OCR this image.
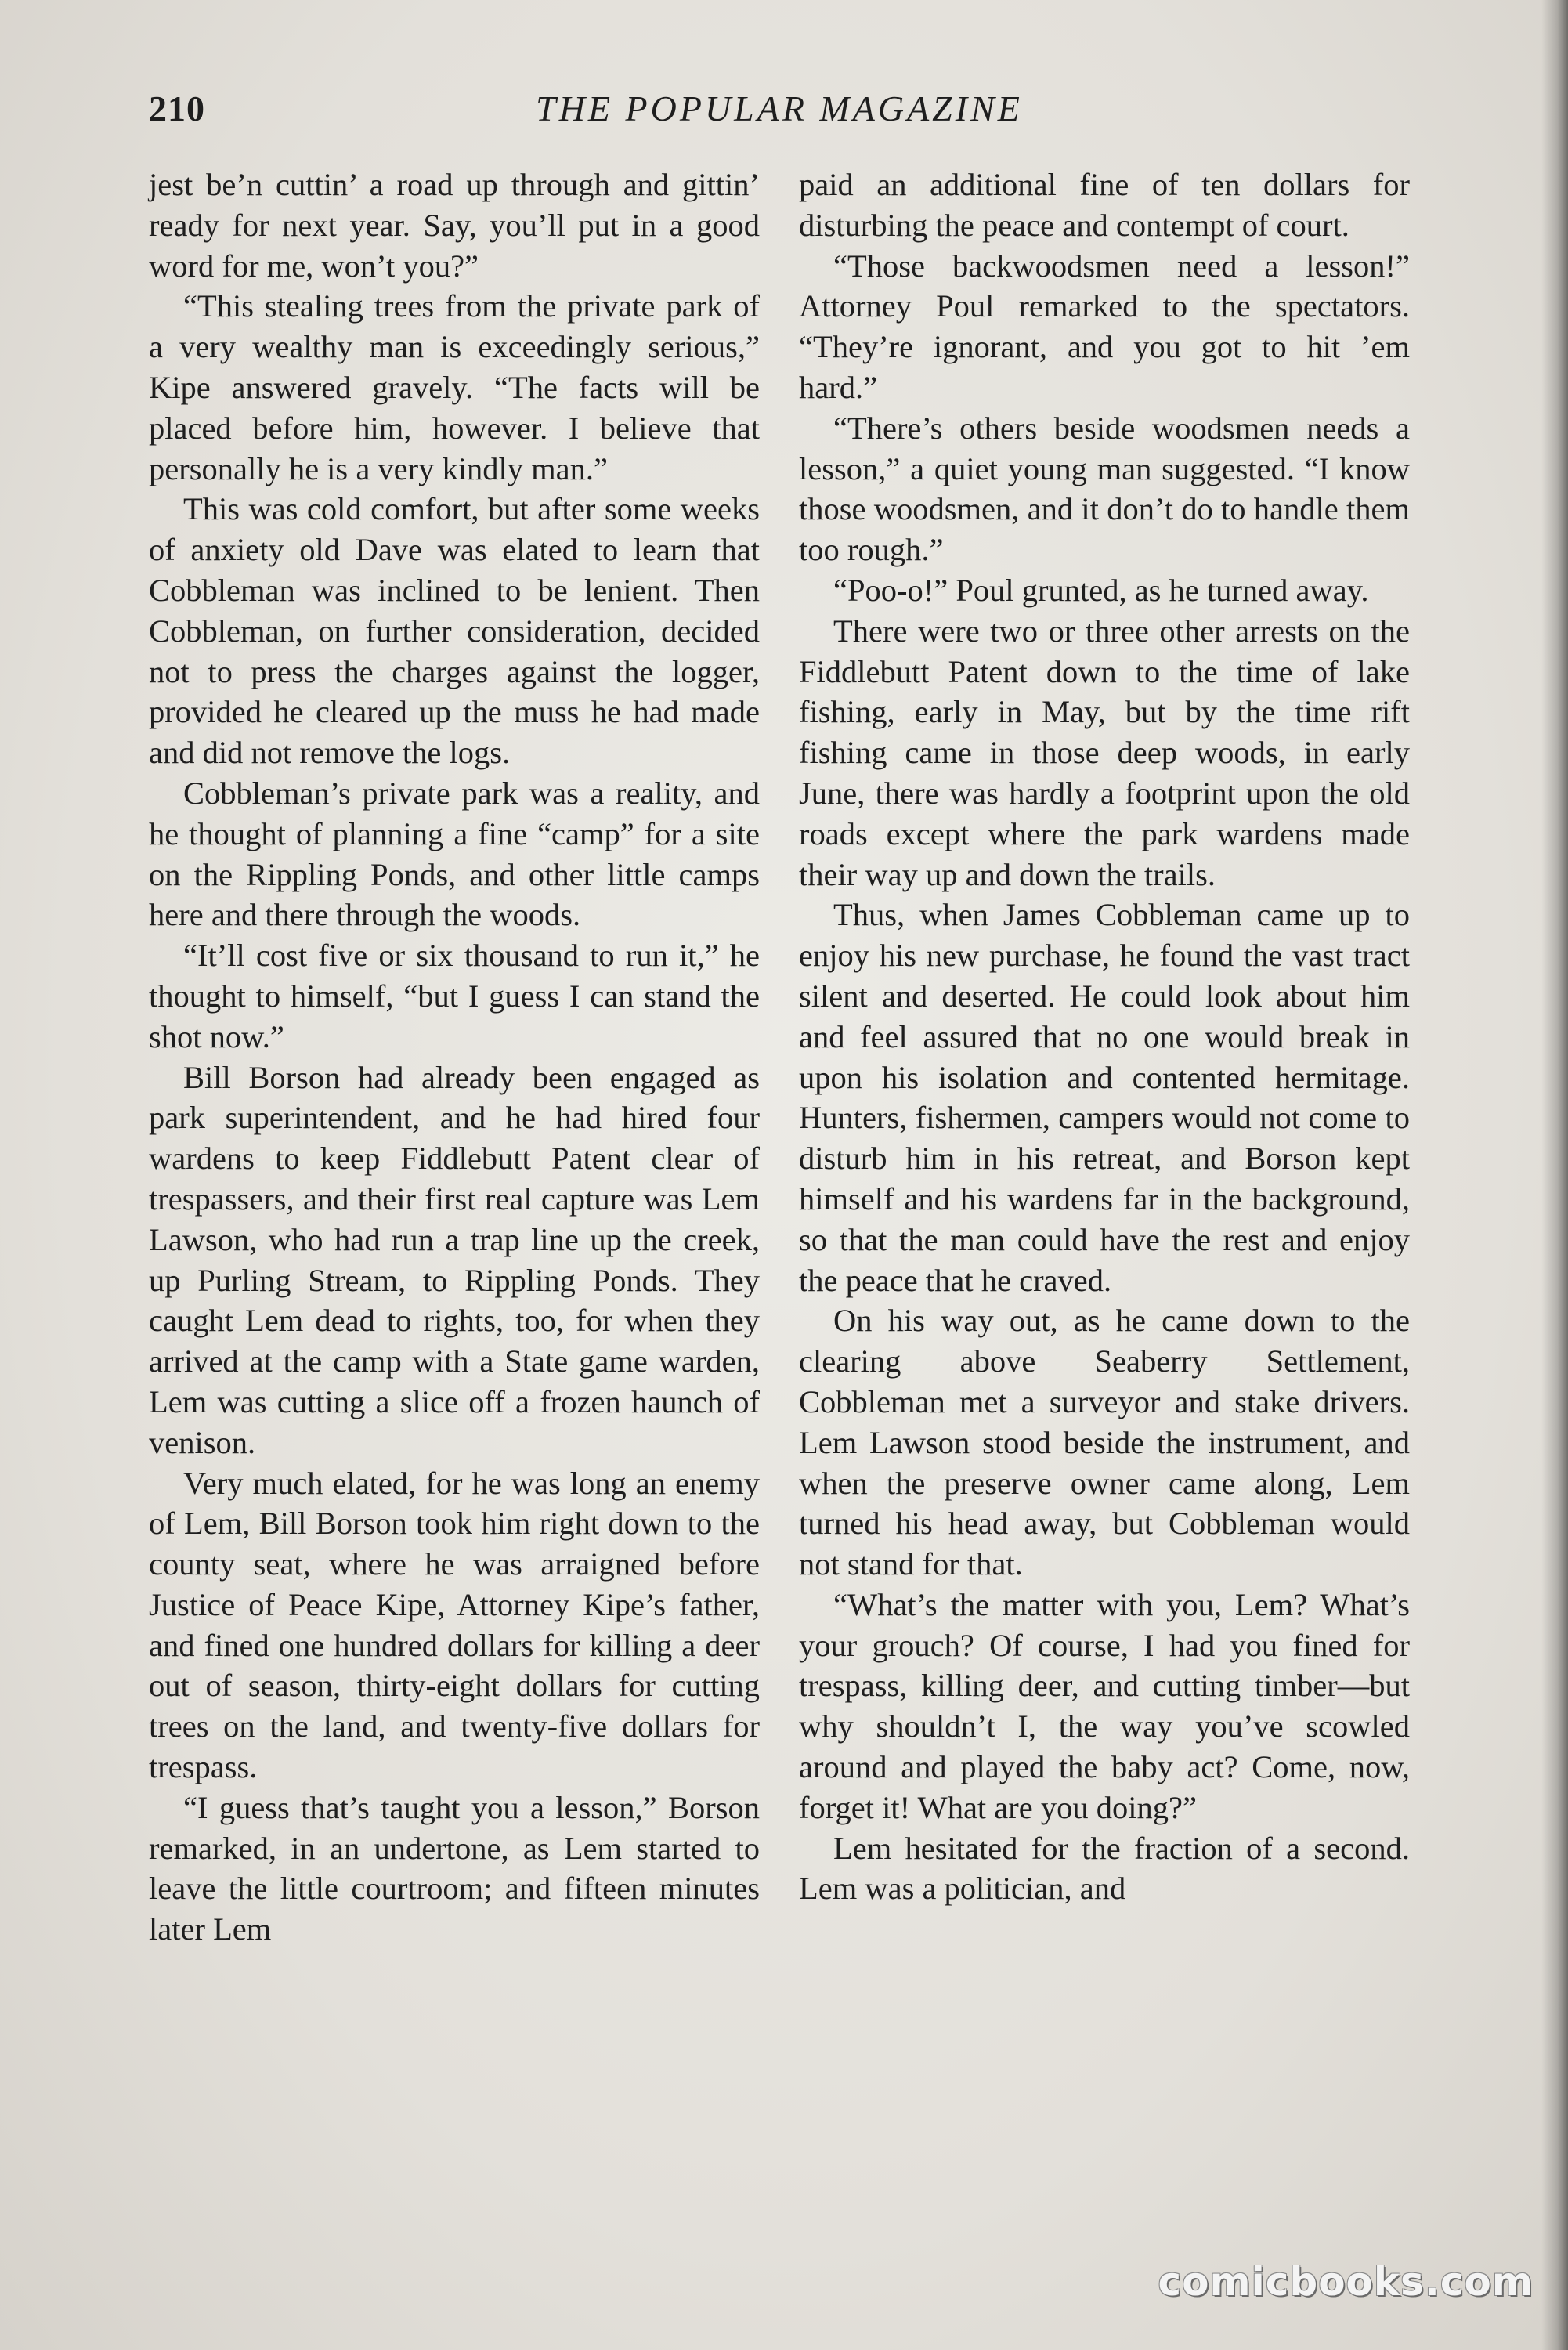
210	THE POPULAR MAGAZINE

jest be’n cuttin’ a road up through and gittin’ ready for next year. Say, you’ll put in a good word for me, won’t you?”

“This stealing trees from the private park of a very wealthy man is exceedingly serious,” Kipe answered gravely. “The facts will be placed before him, however. I believe that personally he is a very kindly man.”

This was cold comfort, but after some weeks of anxiety old Dave was elated to learn that Cobbleman was inclined to be lenient. Then Cobbleman, on further consideration, decided not to press the charges against the logger, provided he cleared up the muss he had made and did not remove the logs.

Cobbleman’s private park was a reality, and he thought of planning a fine “camp” for a site on the Rippling Ponds, and other little camps here and there through the woods.

“It’ll cost five or six thousand to run it,” he thought to himself, “but I guess I can stand the shot now.”

Bill Borson had already been engaged as park superintendent, and he had hired four wardens to keep Fiddlebutt Patent clear of trespassers, and their first real capture was Lem Lawson, who had run a trap line up the creek, up Purling Stream, to Rippling Ponds. They caught Lem dead to rights, too, for when they arrived at the camp with a State game warden, Lem was cutting a slice off a frozen haunch of venison.

Very much elated, for he was long an enemy of Lem, Bill Borson took him right down to the county seat, where he was arraigned before Justice of Peace Kipe, Attorney Kipe’s father, and fined one hundred dollars for killing a deer out of season, thirty-eight dollars for cutting trees on the land, and twenty-five dollars for trespass.

“I guess that’s taught you a lesson,” Borson remarked, in an undertone, as Lem started to leave the little courtroom; and fifteen minutes later Lem

paid an additional fine of ten dollars for disturbing the peace and contempt of court.

“Those backwoodsmen need a lesson!” Attorney Poul remarked to the spectators. “They’re ignorant, and you got to hit ’em hard.”

“There’s others beside woodsmen needs a lesson,” a quiet young man suggested. “I know those woodsmen, and it don’t do to handle them too rough.”

“Poo-o!” Poul grunted, as he turned away.

There were two or three other arrests on the Fiddlebutt Patent down to the time of lake fishing, early in May, but by the time rift fishing came in those deep woods, in early June, there was hardly a footprint upon the old roads except where the park wardens made their way up and down the trails.

Thus, when James Cobbleman came up to enjoy his new purchase, he found the vast tract silent and deserted. He could look about him and feel assured that no one would break in upon his isolation and contented hermitage. Hunters, fishermen, campers would not come to disturb him in his retreat, and Borson kept himself and his wardens far in the background, so that the man could have the rest and enjoy the peace that he craved.

On his way out, as he came down to the clearing above Seaberry Settlement, Cobbleman met a surveyor and stake drivers. Lem Lawson stood beside the instrument, and when the preserve owner came along, Lem turned his head away, but Cobbleman would not stand for that.

“What’s the matter with you, Lem? What’s your grouch? Of course, I had you fined for trespass, killing deer, and cutting timber—but why shouldn’t I, the way you’ve scowled around and played the baby act? Come, now, forget it! What are you doing?”

Lem hesitated for the fraction of a second. Lem was a politician, and

comicbooks.com
